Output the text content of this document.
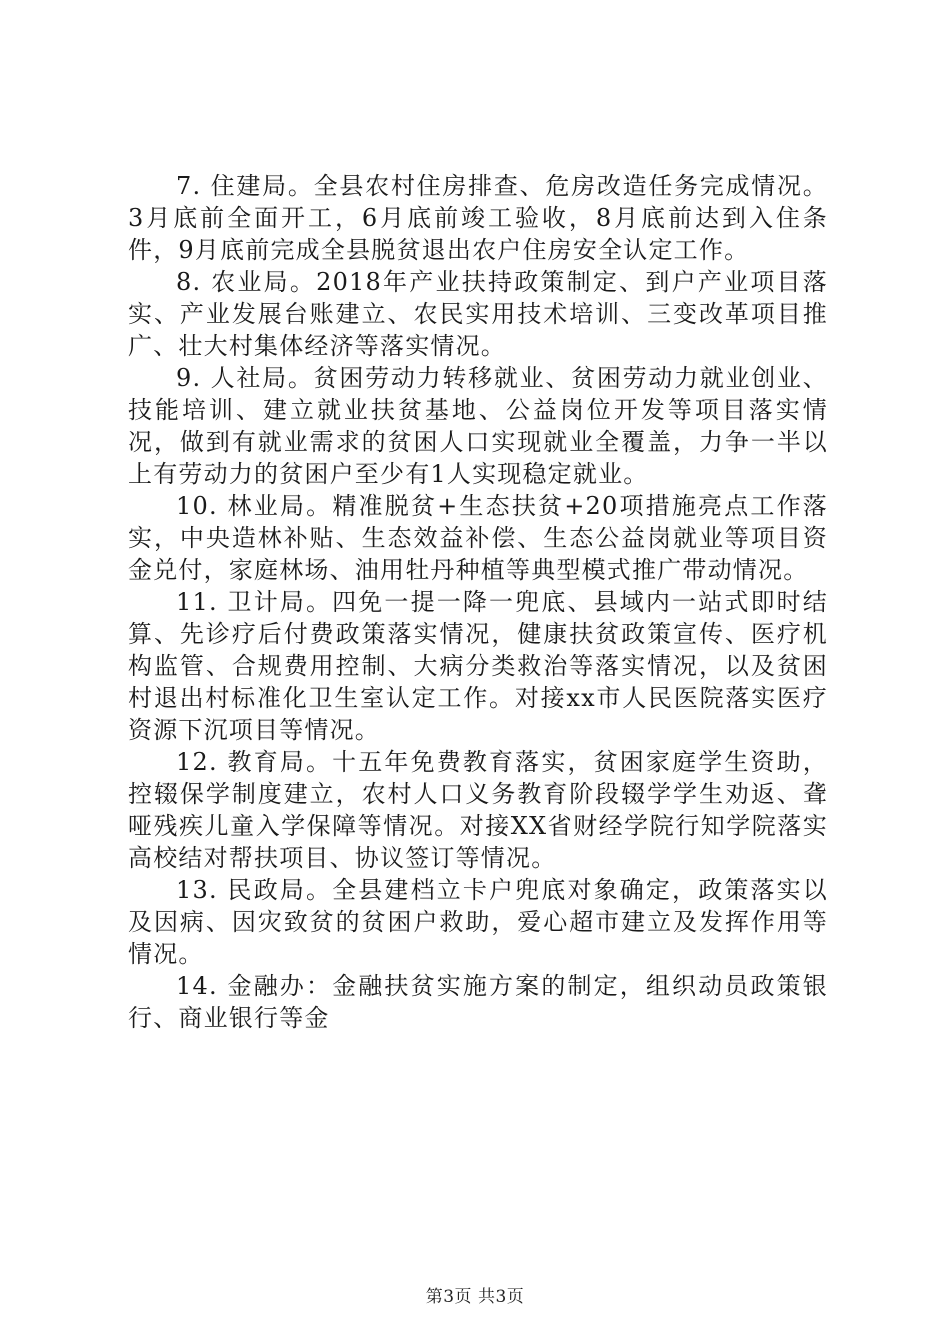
7. 住建局。全县农村住房排查、危房改造任务完成情况。3月底前全面开工，6月底前竣工验收，8月底前达到入住条件，9月底前完成全县脱贫退出农户住房安全认定工作。

8. 农业局。2018年产业扶持政策制定、到户产业项目落实、产业发展台账建立、农民实用技术培训、三变改革项目推广、壮大村集体经济等落实情况。

9. 人社局。贫困劳动力转移就业、贫困劳动力就业创业、技能培训、建立就业扶贫基地、公益岗位开发等项目落实情况，做到有就业需求的贫困人口实现就业全覆盖，力争一半以上有劳动力的贫困户至少有1人实现稳定就业。

10. 林业局。精准脱贫+生态扶贫+20项措施亮点工作落实，中央造林补贴、生态效益补偿、生态公益岗就业等项目资金兑付，家庭林场、油用牡丹种植等典型模式推广带动情况。

11. 卫计局。四免一提一降一兜底、县域内一站式即时结算、先诊疗后付费政策落实情况，健康扶贫政策宣传、医疗机构监管、合规费用控制、大病分类救治等落实情况，以及贫困村退出村标准化卫生室认定工作。对接xx市人民医院落实医疗资源下沉项目等情况。

12. 教育局。十五年免费教育落实，贫困家庭学生资助，控辍保学制度建立，农村人口义务教育阶段辍学学生劝返、聋哑残疾儿童入学保障等情况。对接XX省财经学院行知学院落实高校结对帮扶项目、协议签订等情况。

13. 民政局。全县建档立卡户兜底对象确定，政策落实以及因病、因灾致贫的贫困户救助，爱心超市建立及发挥作用等情况。

14. 金融办：金融扶贫实施方案的制定，组织动员政策银行、商业银行等金

第3页 共3页
